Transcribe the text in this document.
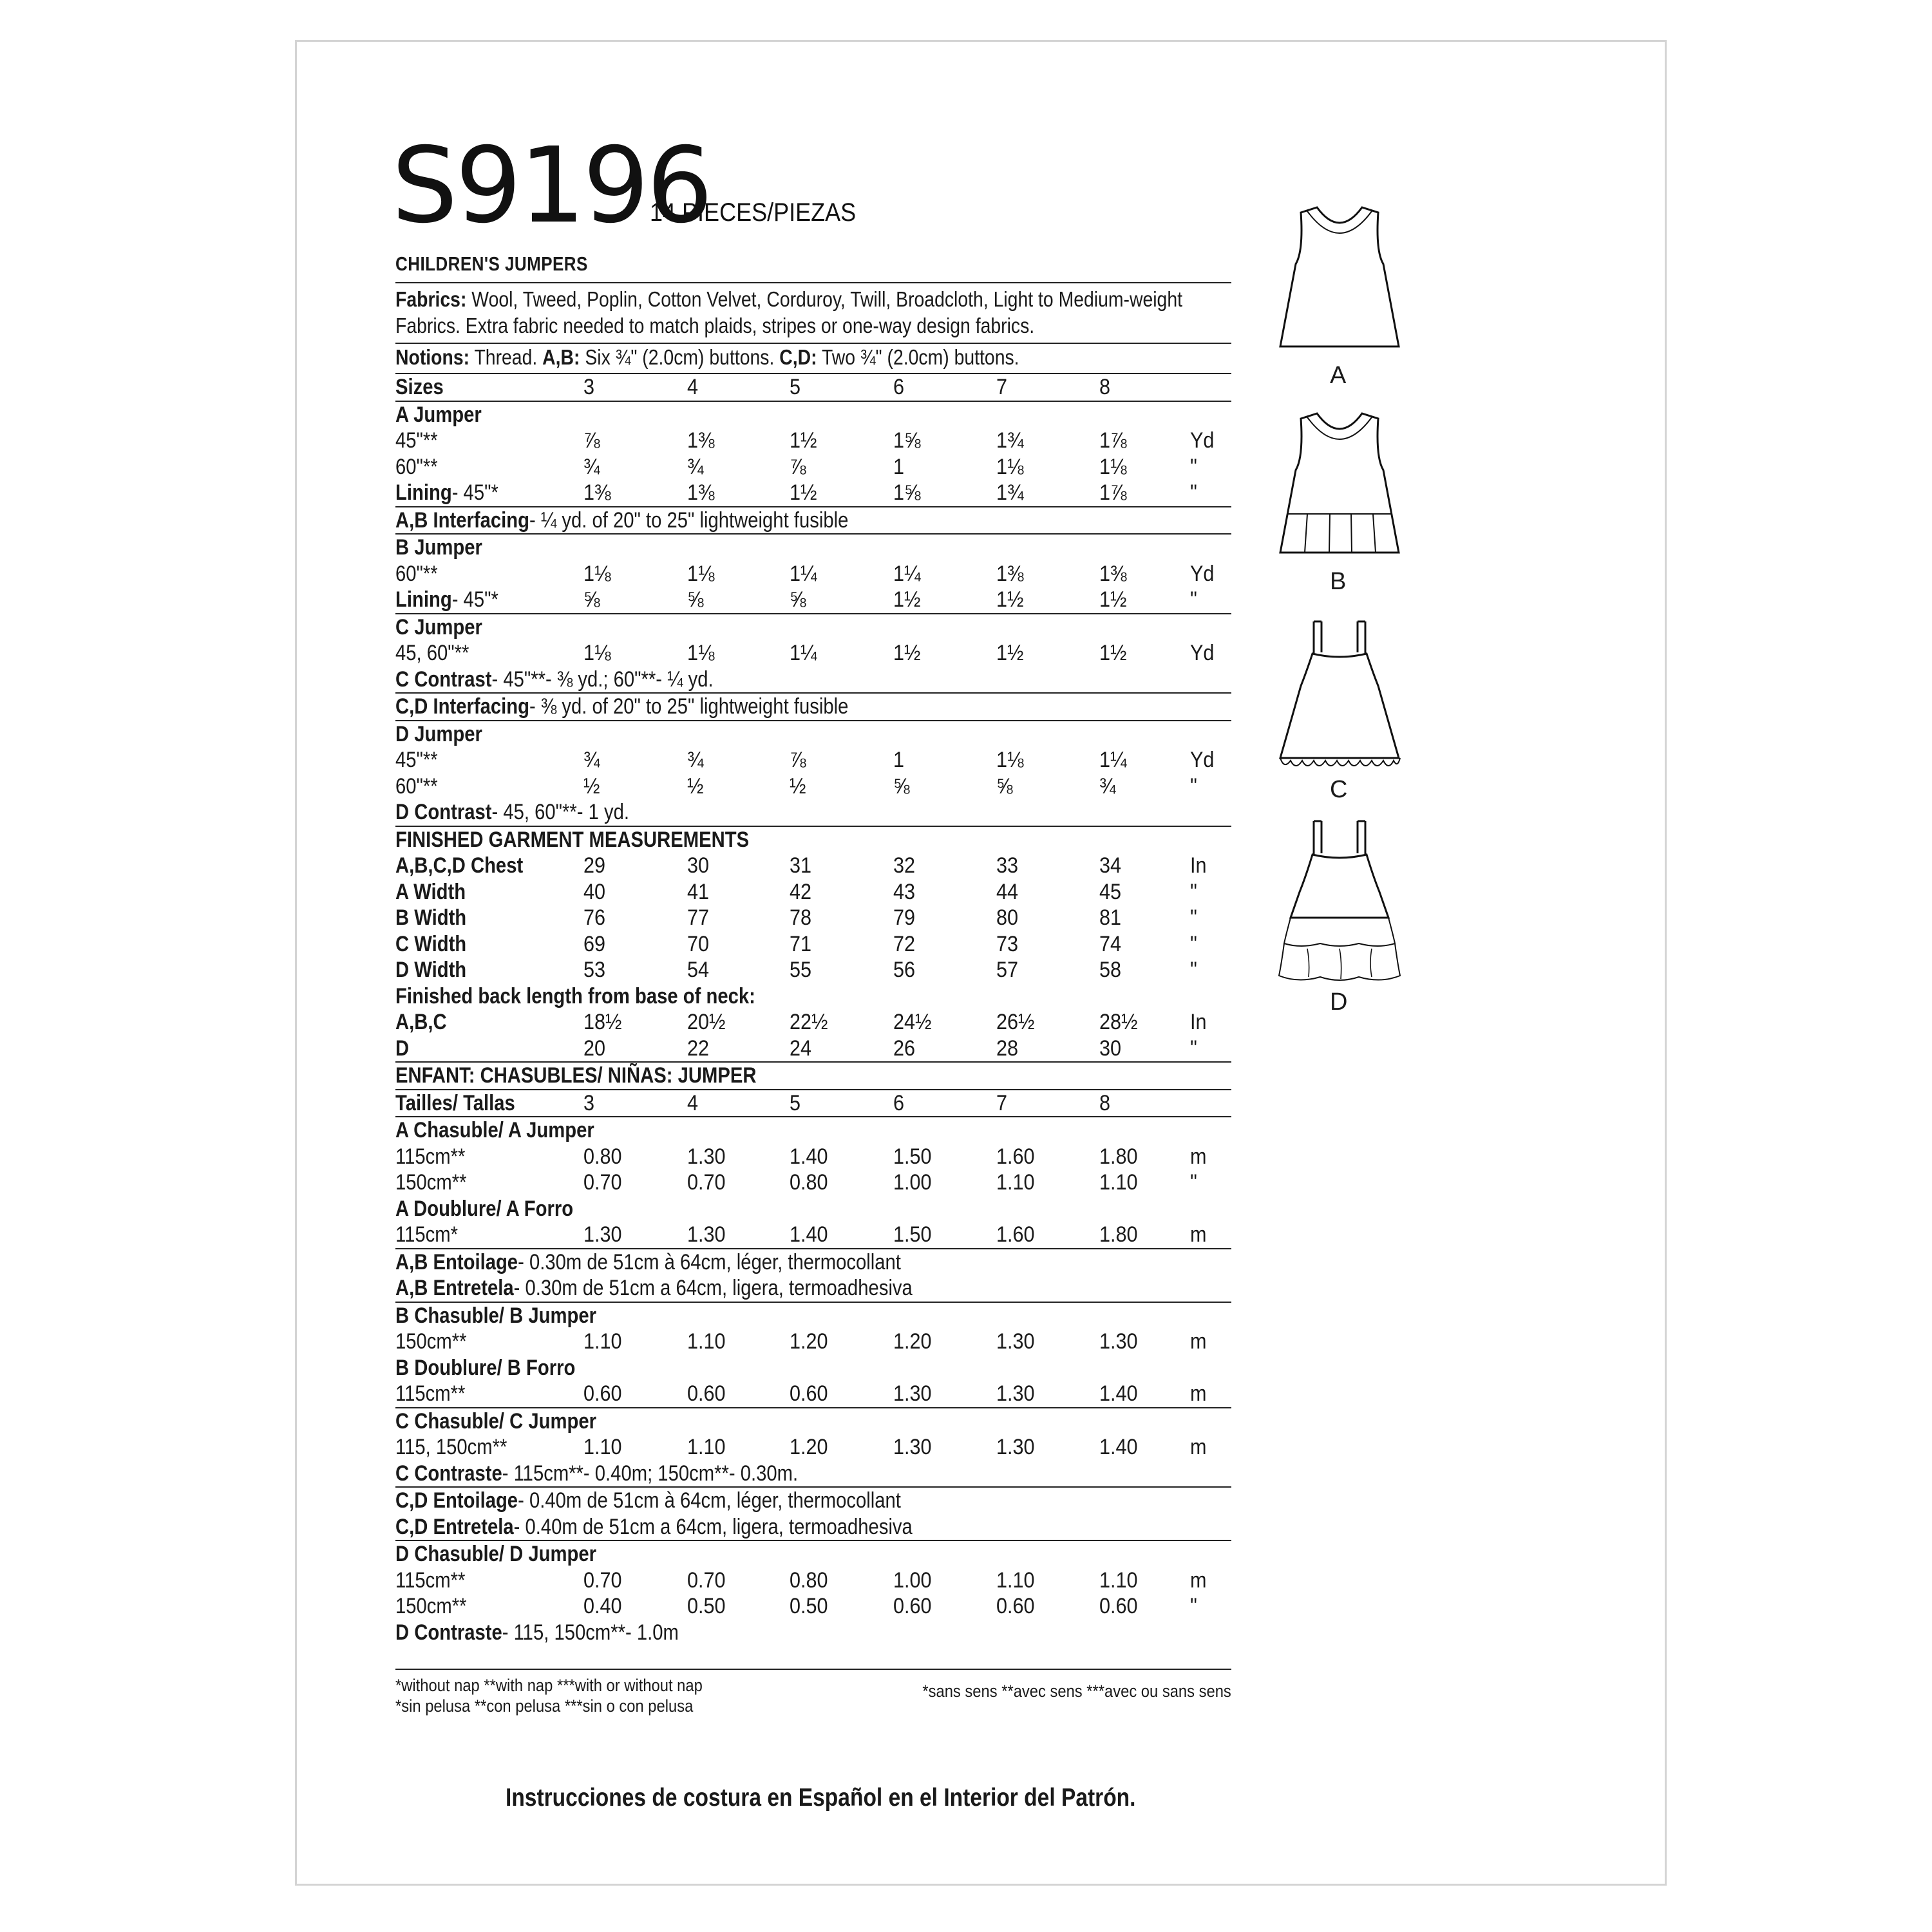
S9196
14 PIECES/PIEZAS
CHILDREN'S JUMPERS
Fabrics: Wool, Tweed, Poplin, Cotton Velvet, Corduroy, Twill, Broadcloth, Light to Medium-weight Fabrics. Extra fabric needed to match plaids, stripes or one-way design fabrics.
Notions: Thread. A,B: Six ¾" (2.0cm) buttons. C,D: Two ¾" (2.0cm) buttons.
Sizes	3	4	5	6	7	8
A Jumper
45"**	⅞	1⅜	1½	1⅝	1¾	1⅞	Yd
60"**	¾	¾	⅞	1	1⅛	1⅛	"
Lining- 45"*	1⅜	1⅜	1½	1⅝	1¾	1⅞	"
A,B Interfacing- ¼ yd. of 20" to 25" lightweight fusible
B Jumper
60"**	1⅛	1⅛	1¼	1¼	1⅜	1⅜	Yd
Lining- 45"*	⅝	⅝	⅝	1½	1½	1½	"
C Jumper
45, 60"**	1⅛	1⅛	1¼	1½	1½	1½	Yd
C Contrast- 45"**- ⅜ yd.; 60"**- ¼ yd.
C,D Interfacing- ⅜ yd. of 20" to 25" lightweight fusible
D Jumper
45"**	¾	¾	⅞	1	1⅛	1¼	Yd
60"**	½	½	½	⅝	⅝	¾	"
D Contrast- 45, 60"**- 1 yd.
FINISHED GARMENT MEASUREMENTS
A,B,C,D Chest	29	30	31	32	33	34	In
A Width	40	41	42	43	44	45	"
B Width	76	77	78	79	80	81	"
C Width	69	70	71	72	73	74	"
D Width	53	54	55	56	57	58	"
Finished back length from base of neck:
A,B,C	18½	20½	22½	24½	26½	28½ In
D	20	22	24	26	28	30	"
ENFANT: CHASUBLES/ NIÑAS: JUMPER
Tailles/ Tallas	3	4	5	6	7	8
A Chasuble/ A Jumper
115cm**	0.80	1.30	1.40	1.50	1.60	1.80 m
150cm**	0.70	0.70	0.80	1.00	1.10	1.10 "
A Doublure/ A Forro
115cm*	1.30	1.30	1.40	1.50	1.60	1.80 m
A,B Entoilage- 0.30m de 51cm à 64cm, léger, thermocollant
A,B Entretela- 0.30m de 51cm a 64cm, ligera, termoadhesiva
B Chasuble/ B Jumper
150cm**	1.10	1.10	1.20	1.20	1.30	1.30 m
B Doublure/ B Forro
115cm**	0.60	0.60	0.60	1.30	1.30	1.40 m
C Chasuble/ C Jumper
115, 150cm**	1.10	1.10	1.20	1.30	1.30	1.40 m
C Contraste- 115cm**- 0.40m; 150cm**- 0.30m.
C,D Entoilage- 0.40m de 51cm à 64cm, léger, thermocollant
C,D Entretela- 0.40m de 51cm a 64cm, ligera, termoadhesiva
D Chasuble/ D Jumper
115cm**	0.70	0.70	0.80	1.00	1.10	1.10 m
150cm**	0.40	0.50	0.50	0.60	0.60	0.60 "
D Contraste- 115, 150cm**- 1.0m
*without nap **with nap ***with or without nap
*sin pelusa **con pelusa ***sin o con pelusa
*sans sens **avec sens ***avec ou sans sens
Instrucciones de costura en Español en el Interior del Patrón.
A
B
C
D
